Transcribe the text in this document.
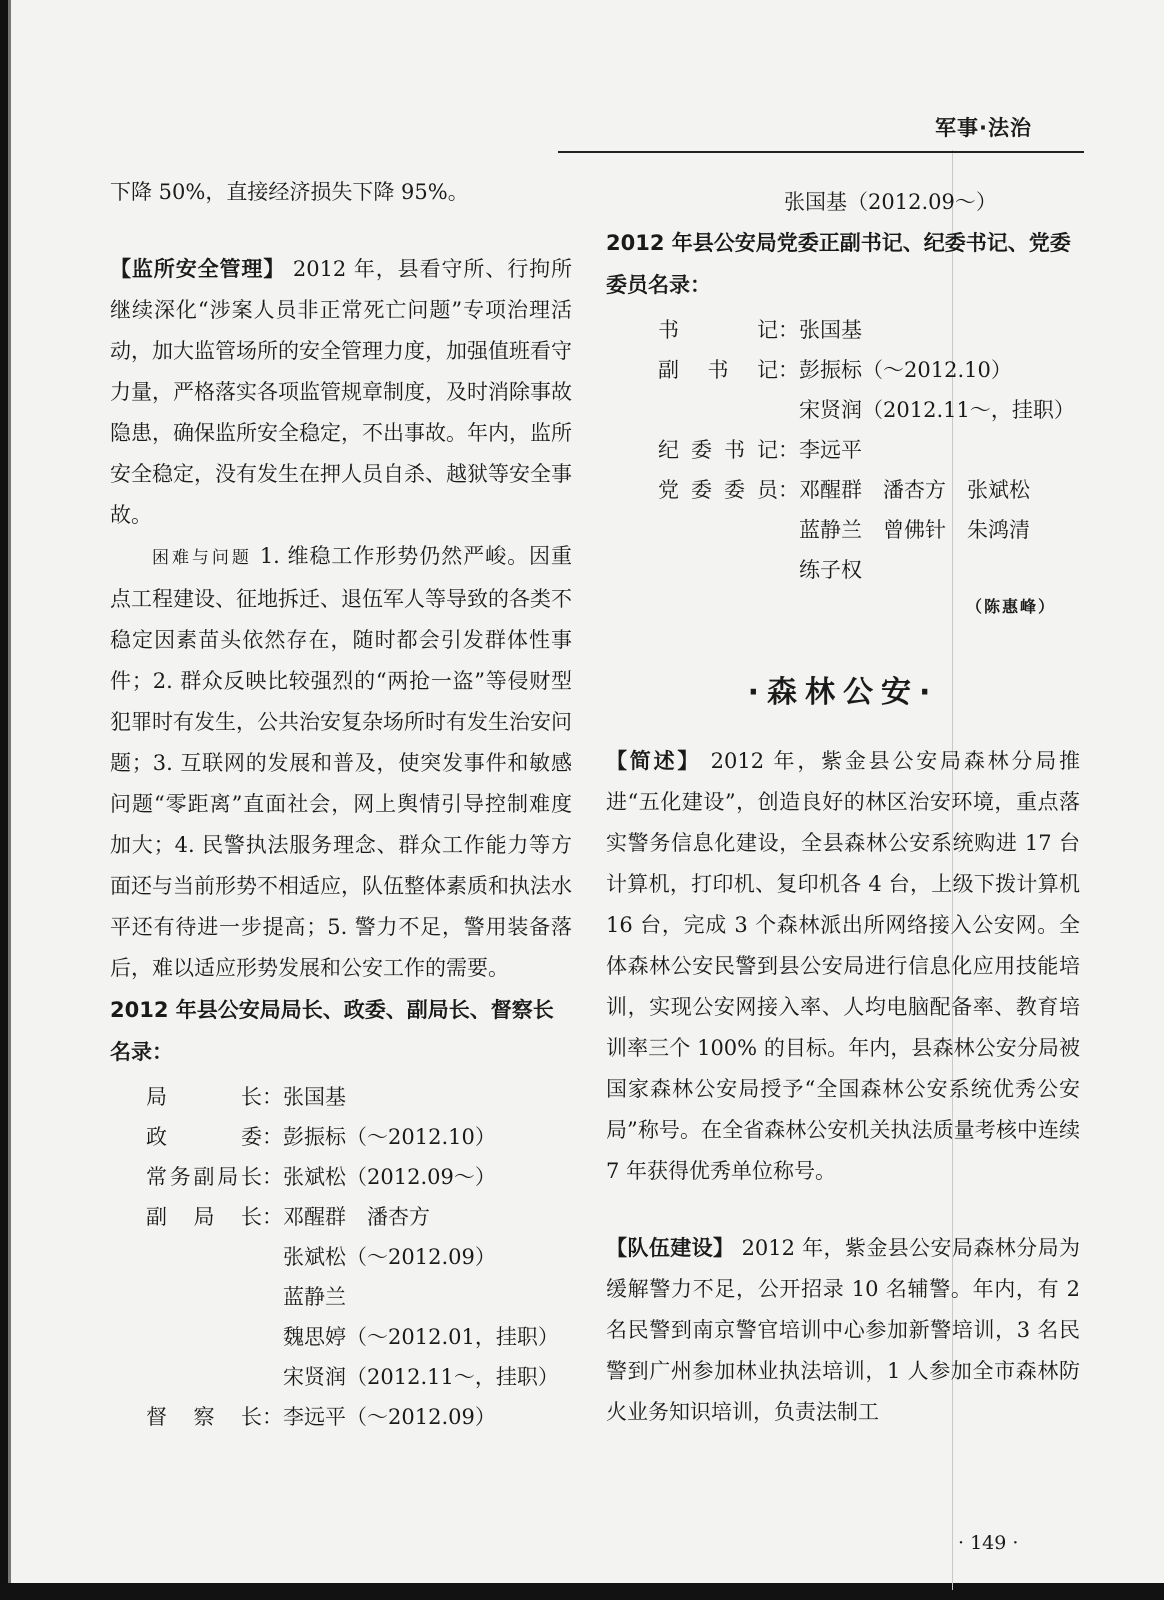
军事·法治

下降 50%，直接经济损失下降 95%。

【监所安全管理】 2012 年，县看守所、行拘所继续深化“涉案人员非正常死亡问题”专项治理活动，加大监管场所的安全管理力度，加强值班看守力量，严格落实各项监管规章制度，及时消除事故隐患，确保监所安全稳定，不出事故。年内，监所安全稳定，没有发生在押人员自杀、越狱等安全事故。

困难与问题 1. 维稳工作形势仍然严峻。因重点工程建设、征地拆迁、退伍军人等导致的各类不稳定因素苗头依然存在，随时都会引发群体性事件；2. 群众反映比较强烈的“两抢一盗”等侵财型犯罪时有发生，公共治安复杂场所时有发生治安问题；3. 互联网的发展和普及，使突发事件和敏感问题“零距离”直面社会，网上舆情引导控制难度加大；4. 民警执法服务理念、群众工作能力等方面还与当前形势不相适应，队伍整体素质和执法水平还有待进一步提高；5. 警力不足，警用装备落后，难以适应形势发展和公安工作的需要。

2012 年县公安局局长、政委、副局长、督察长名录：

局长 ： 张国基
政委 ： 彭振标（～2012.10）
常务副局长 ： 张斌松（2012.09～）
副局长 ： 邓醒群　潘杏方
张斌松（～2012.09）
蓝静兰
魏思婷（～2012.01，挂职）
宋贤润（2012.11～，挂职）
督察长 ： 李远平（～2012.09）
张国基（2012.09～）

2012 年县公安局党委正副书记、纪委书记、党委委员名录：

书记 ： 张国基
副书记 ： 彭振标（～2012.10）
宋贤润（2012.11～，挂职）
纪委书记 ： 李远平
党委委员 ： 邓醒群　潘杏方　张斌松
蓝静兰　曾佛针　朱鸿清
练子权
（陈惠峰）
·森林公安·

【简述】 2012 年，紫金县公安局森林分局推进“五化建设”，创造良好的林区治安环境，重点落实警务信息化建设，全县森林公安系统购进 17 台计算机，打印机、复印机各 4 台，上级下拨计算机 16 台，完成 3 个森林派出所网络接入公安网。全体森林公安民警到县公安局进行信息化应用技能培训，实现公安网接入率、人均电脑配备率、教育培训率三个 100% 的目标。年内，县森林公安分局被国家森林公安局授予“全国森林公安系统优秀公安局”称号。在全省森林公安机关执法质量考核中连续 7 年获得优秀单位称号。

【队伍建设】 2012 年，紫金县公安局森林分局为缓解警力不足，公开招录 10 名辅警。年内，有 2 名民警到南京警官培训中心参加新警培训，3 名民警到广州参加林业执法培训，1 人参加全市森林防火业务知识培训，负责法制工

· 149 ·
